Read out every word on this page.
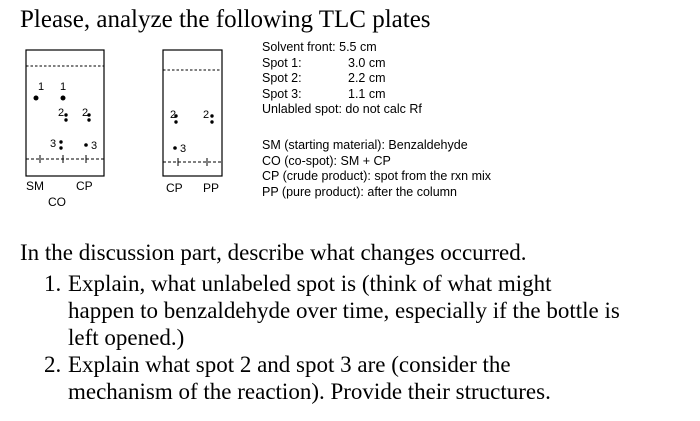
Please, analyze the following TLC plates
1 1
2 2
3	3
SM
CO
CP
2 2
3
CP PP
Solvent front: 5.5 cm
Spot 1:	3.0 cm
Spot 2:	2.2 cm
Spot 3:	1.1 cm
Unlabled spot: do not calc Rf
SM (starting material): Benzaldehyde
CO (co-spot): SM + CP
CP (crude product): spot from the rxn mix
PP (pure product): after the column
In the discussion part, describe what changes occurred.
1. Explain, what unlabeled spot is (think of what might
happen to benzaldehyde over time, especially if the bottle is
left opened.)
2. Explain what spot 2 and spot 3 are (consider the
mechanism of the reaction). Provide their structures.
